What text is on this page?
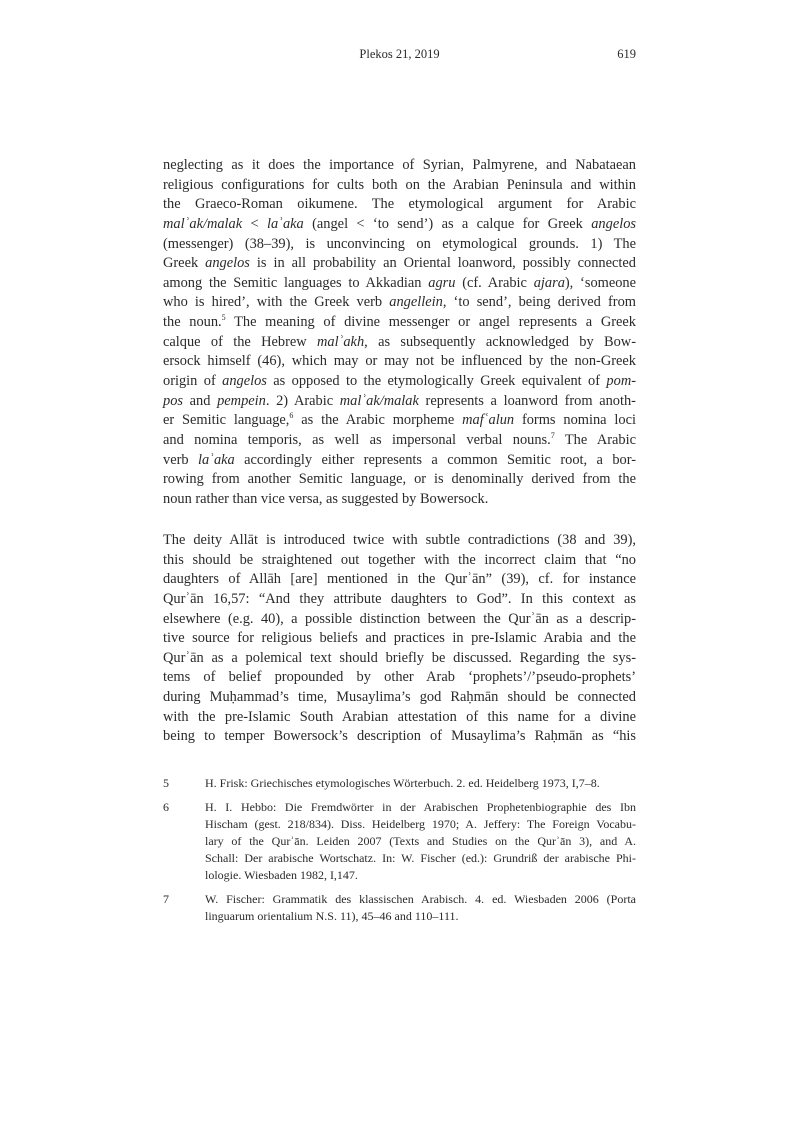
Plekos 21, 2019	619
neglecting as it does the importance of Syrian, Palmyrene, and Nabataean
religious configurations for cults both on the Arabian Peninsula and within
the Graeco-Roman oikumene. The etymological argument for Arabic
malʾak/malak < laʾaka (angel < ‘to send’) as a calque for Greek angelos
(messenger) (38–39), is unconvincing on etymological grounds. 1) The
Greek angelos is in all probability an Oriental loanword, possibly connected
among the Semitic languages to Akkadian agru (cf. Arabic ajara), ‘someone
who is hired’, with the Greek verb angellein, ‘to send’, being derived from
the noun.$^5$ The meaning of divine messenger or angel represents a Greek
calque of the Hebrew malʾakh, as subsequently acknowledged by Bow-
ersock himself (46), which may or may not be influenced by the non-Greek
origin of angelos as opposed to the etymologically Greek equivalent of pom-
pos and pempein. 2) Arabic malʾak/malak represents a loanword from anoth-
er Semitic language,$^6$ as the Arabic morpheme mafʿalun forms nomina loci
and nomina temporis, as well as impersonal verbal nouns.$^7$ The Arabic
verb laʾaka accordingly either represents a common Semitic root, a bor-
rowing from another Semitic language, or is denominally derived from the
noun rather than vice versa, as suggested by Bowersock.
The deity Allāt is introduced twice with subtle contradictions (38 and 39),
this should be straightened out together with the incorrect claim that “no
daughters of Allāh [are] mentioned in the Qurʾān” (39), cf. for instance
Qurʾān 16,57: “And they attribute daughters to God”. In this context as
elsewhere (e.g. 40), a possible distinction between the Qurʾān as a descrip-
tive source for religious beliefs and practices in pre-Islamic Arabia and the
Qurʾān as a polemical text should briefly be discussed. Regarding the sys-
tems of belief propounded by other Arab ‘prophets’/’pseudo-prophets’
during Muḥammad’s time, Musaylima’s god Raḥmān should be connected
with the pre-Islamic South Arabian attestation of this name for a divine
being to temper Bowersock’s description of Musaylima’s Raḥmān as “his
5	H. Frisk: Griechisches etymologisches Wörterbuch. 2. ed. Heidelberg 1973, I,7–8.
6	H. I. Hebbo: Die Fremdwörter in der Arabischen Prophetenbiographie des Ibn
Hischam (gest. 218/834). Diss. Heidelberg 1970; A. Jeffery: The Foreign Vocabu-
lary of the Qurʾān. Leiden 2007 (Texts and Studies on the Qurʾān 3), and A.
Schall: Der arabische Wortschatz. In: W. Fischer (ed.): Grundriß der arabische Phi-
lologie. Wiesbaden 1982, I,147.
7	W. Fischer: Grammatik des klassischen Arabisch. 4. ed. Wiesbaden 2006 (Porta
linguarum orientalium N.S. 11), 45–46 and 110–111.
